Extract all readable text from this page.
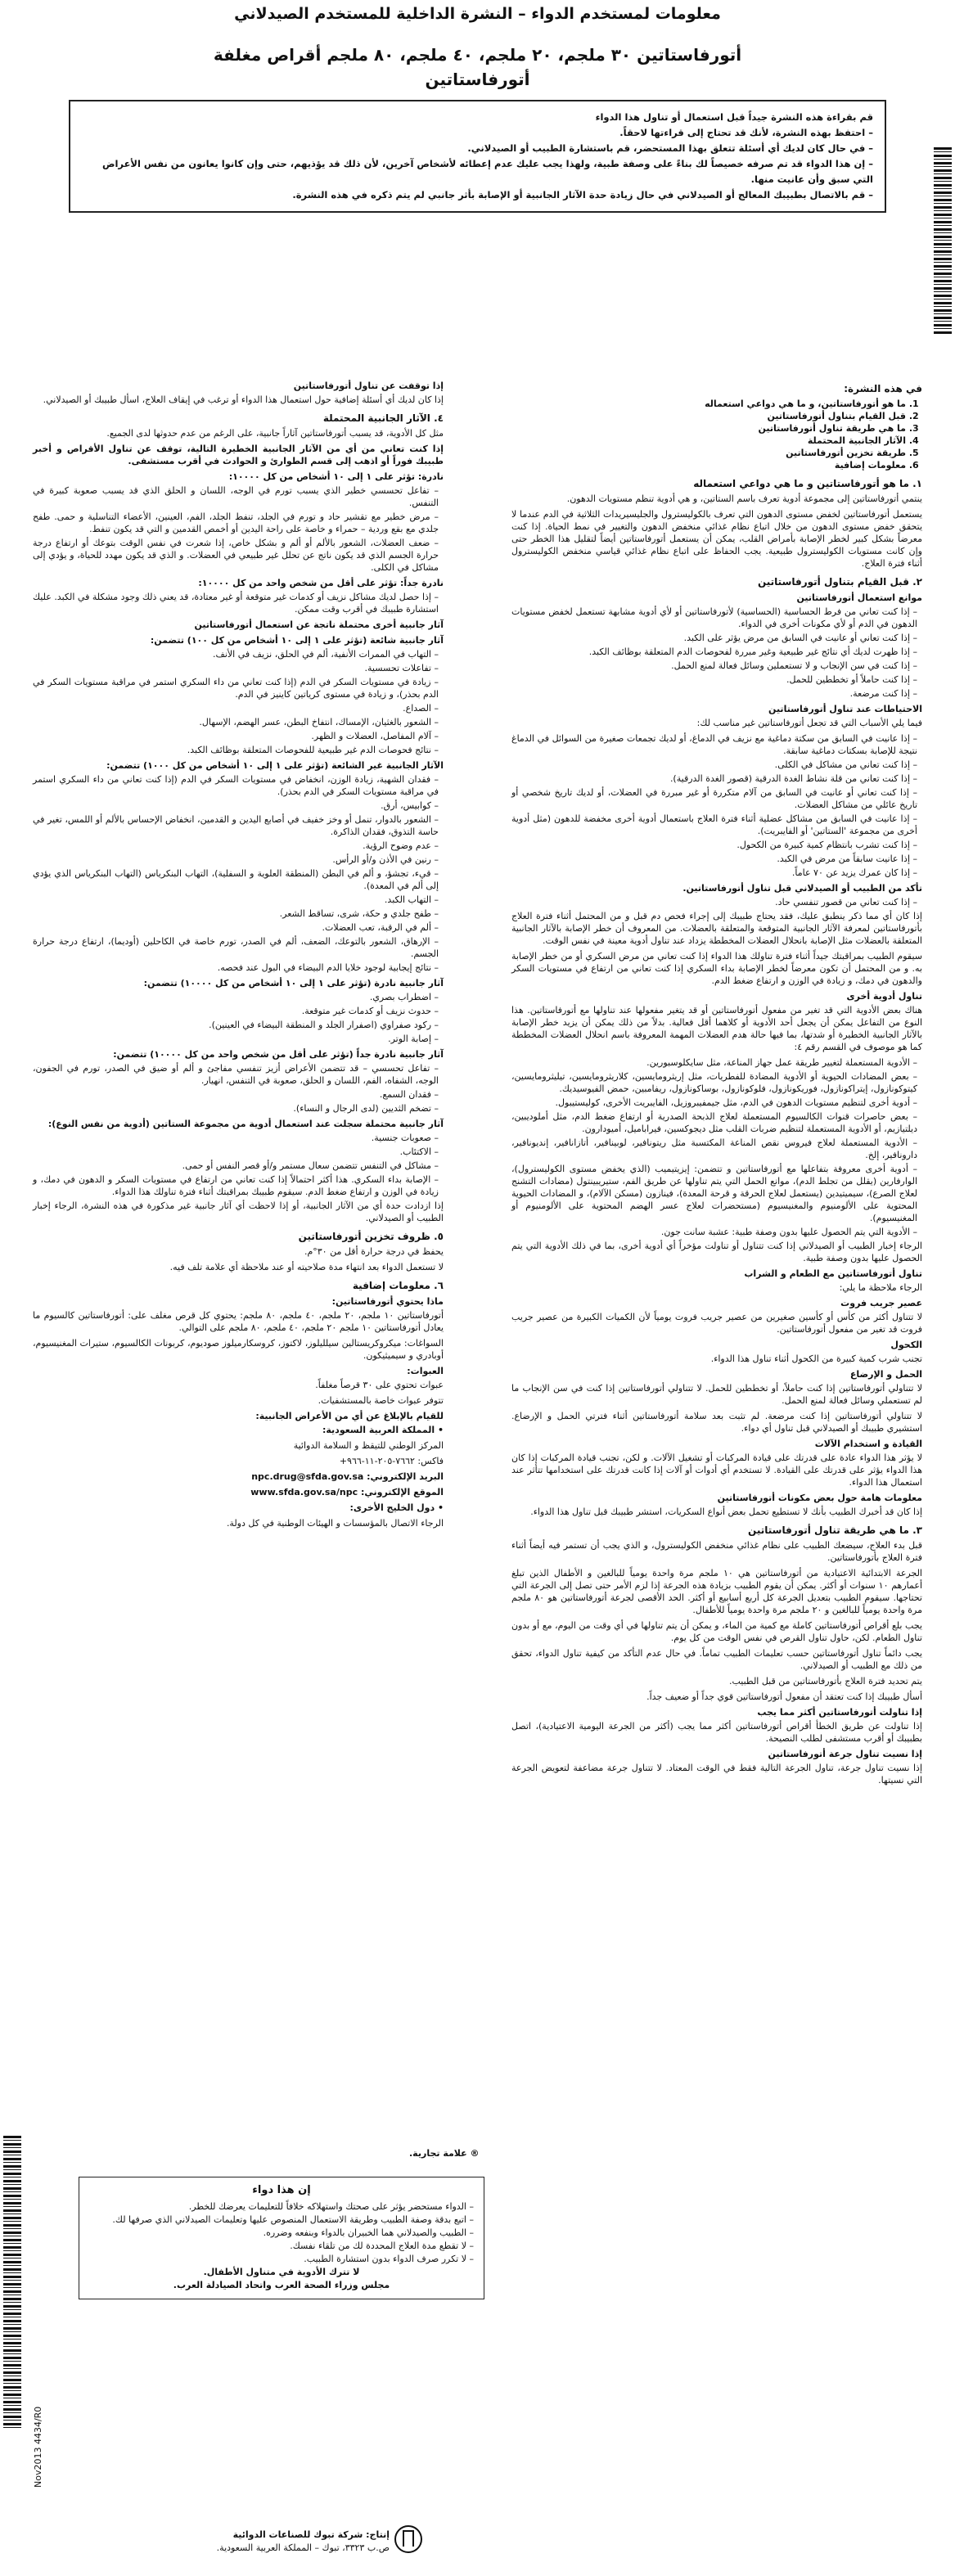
معلومات لمستخدم الدواء – النشرة الداخلية للمستخدم الصيدلاني
أتورفاستاتين ٣٠ ملجم، ٢٠ ملجم، ٤٠ ملجم، ٨٠ ملجم أقراص مغلفة
أتورفاستاتين

قم بقراءة هذه النشرة جيداً قبل استعمال أو تناول هذا الدواء

– احتفظ بهذه النشرة، لأنك قد تحتاج إلى قراءتها لاحقاً.

– في حال كان لديك أي أسئلة تتعلق بهذا المستحضر، قم باستشارة الطبيب أو الصيدلاني.

– إن هذا الدواء قد تم صرفه خصيصاً لك بناءً على وصفة طبية، ولهذا يجب عليك عدم إعطائه لأشخاص آخرين، لأن ذلك قد يؤذيهم، حتى وإن كانوا يعانون من نفس الأعراض التي سبق وأن عانيت منها.

– قم بالاتصال بطبيبك المعالج أو الصيدلاني في حال زيادة حدة الآثار الجانبية أو الإصابة بأثر جانبي لم يتم ذكره في هذه النشرة.

في هذه النشرة:
1. ما هو أتورفاستاتين، و ما هي دواعي استعماله
2. قبل القيام بتناول أتورفاستاتين
3. ما هي طريقة تناول أتورفاستاتين
4. الآثار الجانبية المحتملة
5. طريقة تخزين أتورفاستاتين
6. معلومات إضافية
١. ما هو أتورفاستاتين و ما هي دواعي استعماله

ينتمي أتورفاستاتين إلى مجموعة أدوية تعرف باسم الستاتين، و هي أدوية تنظم مستويات الدهون.

يستعمل أتورفاستاتين لخفض مستوى الدهون التي تعرف بالكوليسترول والجليسيريدات الثلاثية في الدم عندما لا يتحقق خفض مستوى الدهون من خلال اتباع نظام غذائي منخفض الدهون والتغيير في نمط الحياة. إذا كنت معرضاً بشكل كبير لخطر الإصابة بأمراض القلب، يمكن أن يستعمل أتورفاستاتين أيضاً لتقليل هذا الخطر حتى وإن كانت مستويات الكوليسترول طبيعية. يجب الحفاظ على اتباع نظام غذائي قياسي منخفض الكوليسترول أثناء فترة العلاج.

٢. قبل القيام بتناول أتورفاستاتين
موانع استعمال أتورفاستاتين

– إذا كنت تعاني من فرط الحساسية (الحساسية) لأتورفاستاتين أو لأي أدوية مشابهة تستعمل لخفض مستويات الدهون في الدم أو لأي مكونات أخرى في الدواء.

– إذا كنت تعاني أو عانيت في السابق من مرض يؤثر على الكبد.

– إذا ظهرت لديك أي نتائج غير طبيعية وغير مبررة لفحوصات الدم المتعلقة بوظائف الكبد.

– إذا كنت في سن الإنجاب و لا تستعملين وسائل فعالة لمنع الحمل.

– إذا كنت حاملاً أو تخططين للحمل.

– إذا كنت مرضعة.

الاحتياطات عند تناول أتورفاستاتين

فيما يلي الأسباب التي قد تجعل أتورفاستاتين غير مناسب لك:

– إذا عانيت في السابق من سكتة دماغية مع نزيف في الدماغ، أو لديك تجمعات صغيرة من السوائل في الدماغ نتيجة للإصابة بسكتات دماغية سابقة.

– إذا كنت تعاني من مشاكل في الكلى.

– إذا كنت تعاني من قلة نشاط الغدة الدرقية (قصور الغدة الدرقية).

– إذا كنت تعاني أو عانيت في السابق من آلام متكررة أو غير مبررة في العضلات، أو لديك تاريخ شخصي أو تاريخ عائلي من مشاكل العضلات.

– إذا عانيت في السابق من مشاكل عضلية أثناء فترة العلاج باستعمال أدوية أخرى مخفضة للدهون (مثل أدوية أخرى من مجموعة 'الستاتين' أو الفايبريت).

– إذا كنت تشرب بانتظام كمية كبيرة من الكحول.

– إذا عانيت سابقاً من مرض في الكبد.

– إذا كان عمرك يزيد عن ٧٠ عاماً.

تأكد من الطبيب أو الصيدلاني قبل تناول أتورفاستاتين.

– إذا كنت تعاني من قصور تنفسي حاد.

إذا كان أي مما ذكر ينطبق عليك، فقد يحتاج طبيبك إلى إجراء فحص دم قبل و من المحتمل أثناء فترة العلاج بأتورفاستاتين لمعرفة الآثار الجانبية المتوقعة والمتعلقة بالعضلات. من المعروف أن خطر الإصابة بالآثار الجانبية المتعلقة بالعضلات مثل الإصابة بانحلال العضلات المخططة يزداد عند تناول أدوية معينة في نفس الوقت.

سيقوم الطبيب بمراقبتك جيداً أثناء فترة تناولك هذا الدواء إذا كنت تعاني من مرض السكري أو من خطر الإصابة به. و من المحتمل أن تكون معرضاً لخطر الإصابة بداء السكري إذا كنت تعاني من ارتفاع في مستويات السكر والدهون في دمك، و زيادة في الوزن و ارتفاع ضغط الدم.

تناول أدوية أخرى

هناك بعض الأدوية التي قد تغير من مفعول أتورفاستاتين أو قد يتغير مفعولها عند تناولها مع أتورفاستاتين. هذا النوع من التفاعل يمكن أن يجعل أحد الأدوية أو كلاهما أقل فعالية. بدلاً من ذلك يمكن أن يزيد خطر الإصابة بالآثار الجانبية الخطيرة أو شدتها، بما فيها حالة هدم العضلات المهمة المعروفة باسم انحلال العضلات المخططة كما هو موصوف في القسم رقم ٤:

– الأدوية المستعملة لتغيير طريقة عمل جهاز المناعة، مثل سايكلوسبورين.

– بعض المضادات الحيوية أو الأدوية المضادة للفطريات، مثل إريثرومايسين، كلاريثرومايسين، تيليثرومايسين، كيتوكونازول، إيتراكونازول، فوريكونازول، فلوكونازول، بوساكونازول، ريفامبين، حمض الفيوسيديك.

– أدوية أخرى لتنظيم مستويات الدهون في الدم، مثل جيمفيبروزيل، الفايبريت الأخرى، كوليستيبول.

– بعض حاصرات قنوات الكالسيوم المستعملة لعلاج الذبحة الصدرية أو ارتفاع ضغط الدم، مثل أملوديبين، ديلتيازيم، أو الأدوية المستعملة لتنظيم ضربات القلب مثل ديجوكسين، فيراباميل، أميودارون.

– الأدوية المستعملة لعلاج فيروس نقص المناعة المكتسبة مثل ريتونافير، لوبينافير، أتازانافير، إنديونافير، دارونافير، إلخ.

– أدوية أخرى معروفة بتفاعلها مع أتورفاستاتين و تتضمن: إيزيتيميب (الذي يخفض مستوى الكوليسترول)، الوارفارين (يقلل من تجلط الدم)، موانع الحمل التي يتم تناولها عن طريق الفم، ستيريبينتول (مضادات التشنج لعلاج الصرع)، سيميتيدين (يستعمل لعلاج الحرقة و قرحة المعدة)، فينازون (مسكن الآلام)، و المضادات الحيوية المحتوية على الألومنيوم والمغنيسيوم (مستحضرات لعلاج عسر الهضم المحتوية على الألومنيوم أو المغنيسيوم).

– الأدوية التي يتم الحصول عليها بدون وصفة طبية: عشبة سانت جون.

الرجاء إخبار الطبيب أو الصيدلاني إذا كنت تتناول أو تناولت مؤخراً أي أدوية أخرى، بما في ذلك الأدوية التي يتم الحصول عليها بدون وصفة طبية.

تناول أتورفاستاتين مع الطعام و الشراب

الرجاء ملاحظة ما يلي:

عصير جريب فروت

لا تتناول أكثر من كأس أو كأسين صغيرين من عصير جريب فروت يومياً لأن الكميات الكبيرة من عصير جريب فروت قد تغير من مفعول أتورفاستاتين.

الكحول

تجنب شرب كمية كبيرة من الكحول أثناء تناول هذا الدواء.

الحمل و الإرضاع

لا تتناولي أتورفاستاتين إذا كنت حاملاً، أو تخططين للحمل. لا تتناولي أتورفاستاتين إذا كنت في سن الإنجاب ما لم تستعملي وسائل فعالة لمنع الحمل.

لا تتناولي أتورفاستاتين إذا كنت مرضعة. لم تثبت بعد سلامة أتورفاستاتين أثناء فترتي الحمل و الإرضاع. استشيري طبيبك أو الصيدلاني قبل تناول أي دواء.

القيادة و استخدام الآلات

لا يؤثر هذا الدواء عادة على قدرتك على قيادة المركبات أو تشغيل الآلات. و لكن، تجنب قيادة المركبات إذا كان هذا الدواء يؤثر على قدرتك على القيادة. لا تستخدم أي أدوات أو آلات إذا كانت قدرتك على استخدامها تتأثر عند استعمال هذا الدواء.

معلومات هامة حول بعض مكونات أتورفاستاتين

إذا كان قد أخبرك الطبيب بأنك لا تستطيع تحمل بعض أنواع السكريات، استشر طبيبك قبل تناول هذا الدواء.

٣. ما هي طريقة تناول أتورفاستاتين

قبل بدء العلاج، سيضعك الطبيب على نظام غذائي منخفض الكوليسترول، و الذي يجب أن تستمر فيه أيضاً أثناء فترة العلاج بأتورفاستاتين.

الجرعة الابتدائية الاعتيادية من أتورفاستاتين هي ١٠ ملجم مرة واحدة يومياً للبالغين و الأطفال الذين تبلغ أعمارهم ١٠ سنوات أو أكثر. يمكن أن يقوم الطبيب بزيادة هذه الجرعة إذا لزم الأمر حتى تصل إلى الجرعة التي تحتاجها. سيقوم الطبيب بتعديل الجرعة كل أربع أسابيع أو أكثر. الحد الأقصى لجرعة أتورفاستاتين هو ٨٠ ملجم مرة واحدة يومياً للبالغين و ٢٠ ملجم مرة واحدة يومياً للأطفال.

يجب بلع أقراص أتورفاستاتين كاملة مع كمية من الماء، و يمكن أن يتم تناولها في أي وقت من اليوم، مع أو بدون تناول الطعام. لكن، حاول تناول القرص في نفس الوقت من كل يوم.

يجب دائماً تناول أتورفاستاتين حسب تعليمات الطبيب تماماً. في حال عدم التأكد من كيفية تناول الدواء، تحقق من ذلك مع الطبيب أو الصيدلاني.

يتم تحديد فترة العلاج بأتورفاستاتين من قبل الطبيب.

أسأل طبيبك إذا كنت تعتقد أن مفعول أتورفاستاتين قوي جداً أو ضعيف جداً.

إذا تناولت أتورفاستاتين أكثر مما يجب

إذا تناولت عن طريق الخطأ أقراص أتورفاستاتين أكثر مما يجب (أكثر من الجرعة اليومية الاعتيادية)، اتصل بطبيبك أو أقرب مستشفى لطلب النصيحة.

إذا نسيت تناول جرعة أتورفاستاتين

إذا نسيت تناول جرعة، تناول الجرعة التالية فقط في الوقت المعتاد. لا تتناول جرعة مضاعفة لتعويض الجرعة التي نسيتها.

إذا توقفت عن تناول أتورفاستاتين

إذا كان لديك أي أسئلة إضافية حول استعمال هذا الدواء أو ترغب في إيقاف العلاج، اسأل طبيبك أو الصيدلاني.

٤. الآثار الجانبية المحتملة

مثل كل الأدوية، قد يسبب أتورفاستاتين آثاراً جانبية، على الرغم من عدم حدوثها لدى الجميع.

إذا كنت تعاني من أي من الآثار الجانبية الخطيرة التالية، توقف عن تناول الأقراص و أخبر طبيبك فوراً أو اذهب إلى قسم الطوارئ و الحوادث في أقرب مستشفى.

نادرة: تؤثر على ١ إلى ١٠ أشخاص من كل ١٠٠٠٠:

– تفاعل تحسسي خطير الذي يسبب تورم في الوجه، اللسان و الحلق الذي قد يسبب صعوبة كبيرة في التنفس.

– مرض خطير مع تقشير حاد و تورم في الجلد، تنفط الجلد، الفم، العينين، الأعضاء التناسلية و حمى. طفح جلدي مع بقع وردية – حمراء و خاصة على راحة اليدين أو أخمص القدمين و التي قد يكون تنفط.

– ضعف العضلات، الشعور بالألم أو ألم و بشكل خاص، إذا شعرت في نفس الوقت بتوعك أو ارتفاع درجة حرارة الجسم الذي قد يكون ناتج عن تحلل غير طبيعي في العضلات. و الذي قد يكون مهدد للحياة، و يؤدي إلى مشاكل في الكلى.

نادرة جداً: تؤثر على أقل من شخص واحد من كل ١٠٠٠٠:

– إذا حصل لديك مشاكل نزيف أو كدمات غير متوقعة أو غير معتادة، قد يعني ذلك وجود مشكلة في الكبد. عليك استشارة طبيبك في أقرب وقت ممكن.

آثار جانبية أخرى محتملة ناتجة عن استعمال أتورفاستاتين
آثار جانبية شائعة (تؤثر على ١ إلى ١٠ أشخاص من كل ١٠٠) تتضمن:

– التهاب في الممرات الأنفية، ألم في الحلق، نزيف في الأنف.

– تفاعلات تحسسية.

– زيادة في مستويات السكر في الدم (إذا كنت تعاني من داء السكري استمر في مراقبة مستويات السكر في الدم بحذر)، و زيادة في مستوى كرياتين كاينيز في الدم.

– الصداع.

– الشعور بالغثيان، الإمساك، انتفاخ البطن، عسر الهضم، الإسهال.

– آلام المفاصل، العضلات و الظهر.

– نتائج فحوصات الدم غير طبيعية للفحوصات المتعلقة بوظائف الكبد.

الآثار الجانبية غير الشائعة (تؤثر على ١ إلى ١٠ أشخاص من كل ١٠٠٠) تتضمن:

– فقدان الشهية، زيادة الوزن، انخفاض في مستويات السكر في الدم (إذا كنت تعاني من داء السكري استمر في مراقبة مستويات السكر في الدم بحذر).

– كوابيس، أرق.

– الشعور بالدوار، تنمل أو وخز خفيف في أصابع اليدين و القدمين، انخفاض الإحساس بالألم أو اللمس، تغير في حاسة التذوق، فقدان الذاكرة.

– عدم وضوح الرؤية.

– رنين في الأذن و/أو الرأس.

– قيء، تجشؤ، و ألم في البطن (المنطقة العلوية و السفلية)، التهاب البنكرياس (التهاب البنكرياس الذي يؤدي إلى ألم في المعدة).

– التهاب الكبد.

– طفح جلدي و حكة، شرى، تساقط الشعر.

– ألم في الرقبة، تعب العضلات.

– الإرهاق، الشعور بالتوعك، الضعف، ألم في الصدر، تورم خاصة في الكاحلين (أوديما)، ارتفاع درجة حرارة الجسم.

– نتائج إيجابية لوجود خلايا الدم البيضاء في البول عند فحصه.

آثار جانبية نادرة (تؤثر على ١ إلى ١٠ أشخاص من كل ١٠٠٠٠) تتضمن:

– اضطراب بصري.

– حدوث نزيف أو كدمات غير متوقعة.

– ركود صفراوي (اصفرار الجلد و المنطقة البيضاء في العينين).

– إصابة الوتر.

آثار جانبية نادرة جداً (تؤثر على أقل من شخص واحد من كل ١٠٠٠٠) تتضمن:

– تفاعل تحسسي – قد تتضمن الأعراض أزيز تنفسي مفاجئ و ألم أو ضيق في الصدر، تورم في الجفون، الوجه، الشفاه، الفم، اللسان و الحلق، صعوبة في التنفس، انهيار.

– فقدان السمع.

– تضخم الثديين (لدى الرجال و النساء).

آثار جانبية محتملة سجلت عند استعمال أدوية من مجموعة الستاتين (أدوية من نفس النوع):

– صعوبات جنسية.

– الاكتئاب.

– مشاكل في التنفس تتضمن سعال مستمر و/أو قصر النفس أو حمى.

– الإصابة بداء السكري. هذا أكثر احتمالاً إذا كنت تعاني من ارتفاع في مستويات السكر و الدهون في دمك، و زيادة في الوزن و ارتفاع ضغط الدم. سيقوم طبيبك بمراقبتك أثناء فترة تناولك هذا الدواء.

إذا ازدادت حدة أي من الآثار الجانبية، أو إذا لاحظت أي آثار جانبية غير مذكورة في هذه النشرة، الرجاء إخبار الطبيب أو الصيدلاني.

٥. ظروف تخزين أتورفاستاتين

يحفظ في درجة حرارة أقل من ٣٠°م.

لا تستعمل الدواء بعد انتهاء مدة صلاحيته أو عند ملاحظة أي علامة تلف فيه.

٦. معلومات إضافية
ماذا يحتوي أتورفاستاتين:

أتورفاستاتين ١٠ ملجم، ٢٠ ملجم، ٤٠ ملجم، ٨٠ ملجم: يحتوي كل قرص مغلف على: أتورفاستاتين كالسيوم ما يعادل أتورفاستاتين ١٠ ملجم ٢٠ ملجم، ٤٠ ملجم، ٨٠ ملجم على التوالي.

السواغات: ميكروكريستالين سيلليلوز، لاكتوز، كروسكارميلوز صوديوم، كربونات الكالسيوم، ستيرات المغنيسيوم، أوبادري و سيميثيكون.

العبوات:

عبوات تحتوي على ٣٠ قرصاً مغلفاً.

تتوفر عبوات خاصة بالمستشفيات.

للقيام بالإبلاغ عن أي من الأعراض الجانبية:

• المملكة العربية السعودية:

المركز الوطني للتيقظ و السلامة الدوائية

فاكس: ٧٦٦٢-٢٠٥-١١-٩٦٦+

npc.drug@sfda.gov.sa :البريد الإلكتروني

www.sfda.gov.sa/npc :الموقع الإلكتروني

• دول الخليج الأخرى:

الرجاء الاتصال بالمؤسسات و الهيئات الوطنية في كل دولة.

® علامة تجارية.
إن هذا دواء
– الدواء مستحضر يؤثر على صحتك واستهلاكه خلافاً للتعليمات يعرضك للخطر.
– اتبع بدقة وصفة الطبيب وطريقة الاستعمال المنصوص عليها وتعليمات الصيدلاني الذي صرفها لك.
– الطبيب والصيدلاني هما الخبيران بالدواء وبنفعه وضرره.
– لا تقطع مدة العلاج المحددة لك من تلقاء نفسك.
– لا تكرر صرف الدواء بدون استشارة الطبيب.
لا تترك الأدوية في متناول الأطفال.
مجلس وزراء الصحة العرب واتحاد الصيادلة العرب.
Nov2013 4434/R0
إنتاج: شركة تبوك للصناعات الدوائية
ص.ب ٣٣٢٣، تبوك – المملكة العربية السعودية.
